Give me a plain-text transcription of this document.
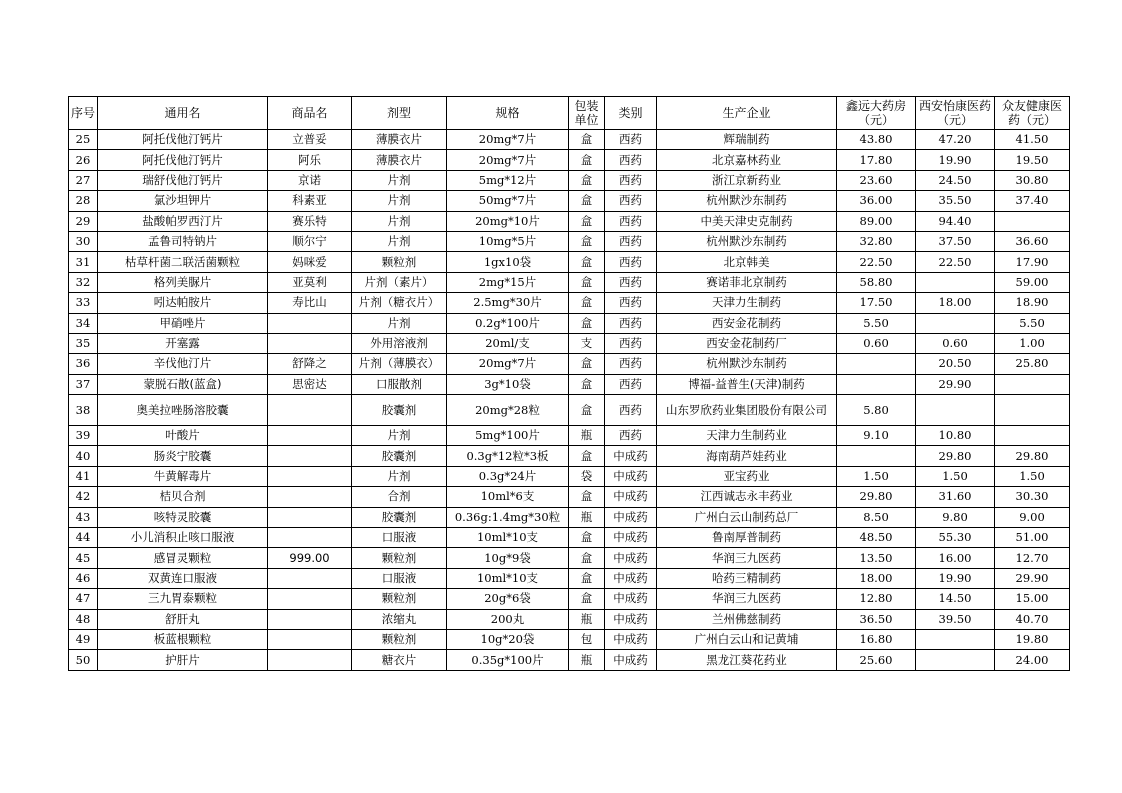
序号	通用名	商品名	剂型	规格	包装单位	类别	生产企业	鑫远大药房（元）	西安怡康医药（元）	众友健康医药（元）
25	阿托伐他汀钙片	立普妥	薄膜衣片	20mg*7片	盒	西药	辉瑞制药	43.80	47.20	41.50
26	阿托伐他汀钙片	阿乐	薄膜衣片	20mg*7片	盒	西药	北京嘉林药业	17.80	19.90	19.50
27	瑞舒伐他汀钙片	京诺	片剂	5mg*12片	盒	西药	浙江京新药业	23.60	24.50	30.80
28	氯沙坦钾片	科素亚	片剂	50mg*7片	盒	西药	杭州默沙东制药	36.00	35.50	37.40
29	盐酸帕罗西汀片	赛乐特	片剂	20mg*10片	盒	西药	中美天津史克制药	89.00	94.40	
30	孟鲁司特钠片	顺尔宁	片剂	10mg*5片	盒	西药	杭州默沙东制药	32.80	37.50	36.60
31	枯草杆菌二联活菌颗粒	妈咪爱	颗粒剂	1gx10袋	盒	西药	北京韩美	22.50	22.50	17.90
32	格列美脲片	亚莫利	片剂（素片）	2mg*15片	盒	西药	赛诺菲北京制药	58.80		59.00
33	吲达帕胺片	寿比山	片剂（糖衣片）	2.5mg*30片	盒	西药	天津力生制药	17.50	18.00	18.90
34	甲硝唑片		片剂	0.2g*100片	盒	西药	西安金花制药	5.50		5.50
35	开塞露		外用溶液剂	20ml/支	支	西药	西安金花制药厂	0.60	0.60	1.00
36	辛伐他汀片	舒降之	片剂（薄膜衣）	20mg*7片	盒	西药	杭州默沙东制药		20.50	25.80
37	蒙脱石散(蓝盒)	思密达	口服散剂	3g*10袋	盒	西药	博福-益普生(天津)制药		29.90	
38	奥美拉唑肠溶胶囊		胶囊剂	20mg*28粒	盒	西药	山东罗欣药业集团股份有限公司	5.80		
39	叶酸片		片剂	5mg*100片	瓶	西药	天津力生制药业	9.10	10.80	
40	肠炎宁胶囊		胶囊剂	0.3g*12粒*3板	盒	中成药	海南葫芦娃药业		29.80	29.80
41	牛黄解毒片		片剂	0.3g*24片	袋	中成药	亚宝药业	1.50	1.50	1.50
42	桔贝合剂		合剂	10ml*6支	盒	中成药	江西诚志永丰药业	29.80	31.60	30.30
43	咳特灵胶囊		胶囊剂	0.36g:1.4mg*30粒	瓶	中成药	广州白云山制药总厂	8.50	9.80	9.00
44	小儿消积止咳口服液		口服液	10ml*10支	盒	中成药	鲁南厚普制药	48.50	55.30	51.00
45	感冒灵颗粒	999.00	颗粒剂	10g*9袋	盒	中成药	华润三九医药	13.50	16.00	12.70
46	双黄连口服液		口服液	10ml*10支	盒	中成药	哈药三精制药	18.00	19.90	29.90
47	三九胃泰颗粒		颗粒剂	20g*6袋	盒	中成药	华润三九医药	12.80	14.50	15.00
48	舒肝丸		浓缩丸	200丸	瓶	中成药	兰州佛慈制药	36.50	39.50	40.70
49	板蓝根颗粒		颗粒剂	10g*20袋	包	中成药	广州白云山和记黄埔	16.80		19.80
50	护肝片		糖衣片	0.35g*100片	瓶	中成药	黑龙江葵花药业	25.60		24.00
